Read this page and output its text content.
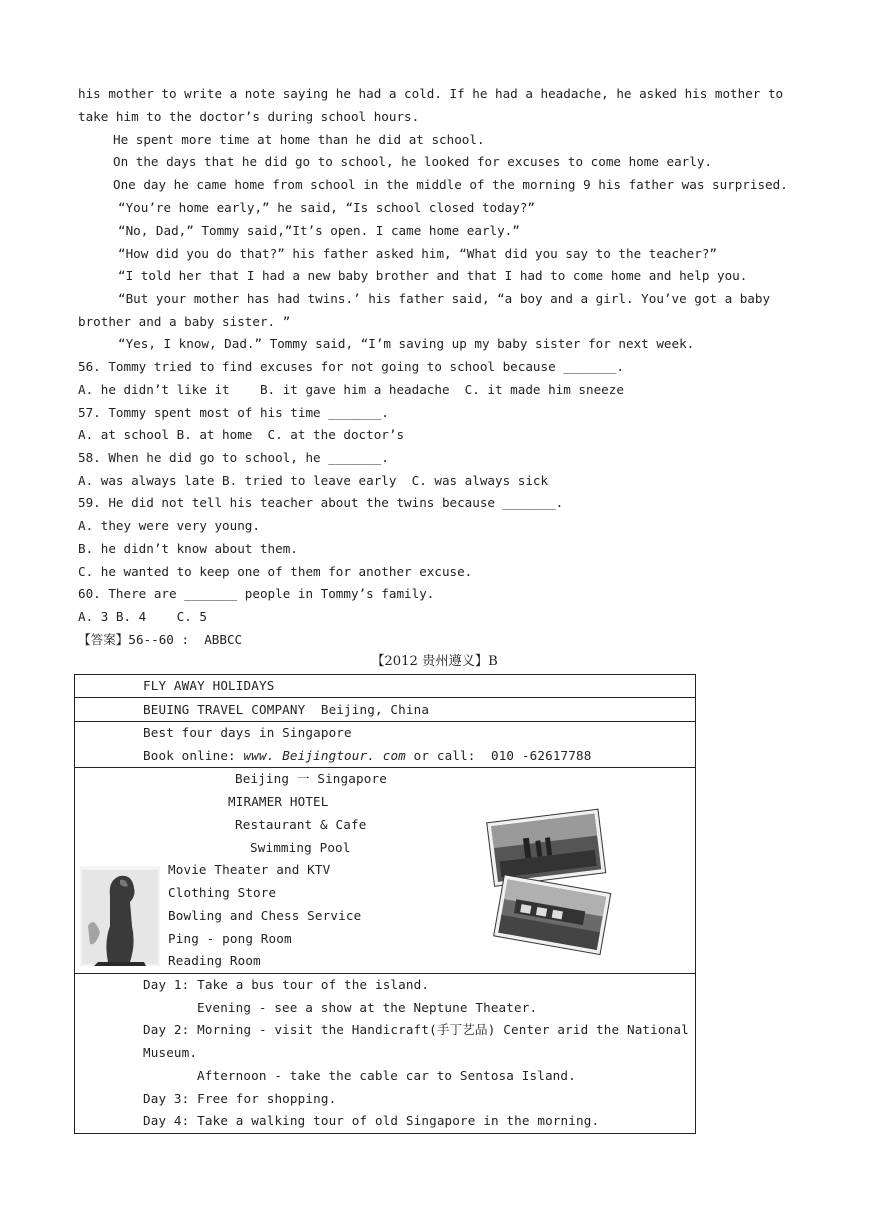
his mother to write a note saying he had a cold. If he had a headache, he asked his mother to
take him to the doctor’s during school hours.
He spent more time at home than he did at school.
On the days that he did go to school, he looked for excuses to come home early.
One day he came home from school in the middle of the morning 9 his father was surprised.
“You’re home early,” he said, “Is school closed today?”
“No, Dad,” Tommy said,”It’s open. I came home early.”
“How did you do that?” his father asked him, “What did you say to the teacher?”
“I told her that I had a new baby brother and that I had to come home and help you.
“But your mother has had twins.’ his father said, “a boy and a girl. You’ve got a baby
brother and a baby sister. ”
“Yes, I know, Dad.” Tommy said, “I’m saving up my baby sister for next week.
56. Tommy tried to find excuses for not going to school because _______.
A. he didn’t like it    B. it gave him a headache  C. it made him sneeze
57. Tommy spent most of his time _______.
A. at school B. at home  C. at the doctor’s
58. When he did go to school, he _______.
A. was always late B. tried to leave early  C. was always sick
59. He did not tell his teacher about the twins because _______.
A. they were very young.
B. he didn’t know about them.
C. he wanted to keep one of them for another excuse.
60. There are _______ people in Tommy’s family.
A. 3 B. 4    C. 5
【答案】56--60 :  ABBCC
【2012 贵州遵义】B
FLY AWAY HOLIDAYS
BEUING TRAVEL COMPANY  Beijing, China
Best four days in Singapore
Book online: www. Beijingtour. com or call:  010 -62617788
Beijing 一 Singapore
MIRAMER HOTEL
Restaurant & Cafe
Swimming Pool
Movie Theater and KTV
Clothing Store
Bowling and Chess Service
Ping - pong Room
Reading Room
Day 1: Take a bus tour of the island.
Evening - see a show at the Neptune Theater.
Day 2: Morning - visit the Handicraft(手丁艺品) Center arid the National
Museum.
Afternoon - take the cable car to Sentosa Island.
Day 3: Free for shopping.
Day 4: Take a walking tour of old Singapore in the morning.
